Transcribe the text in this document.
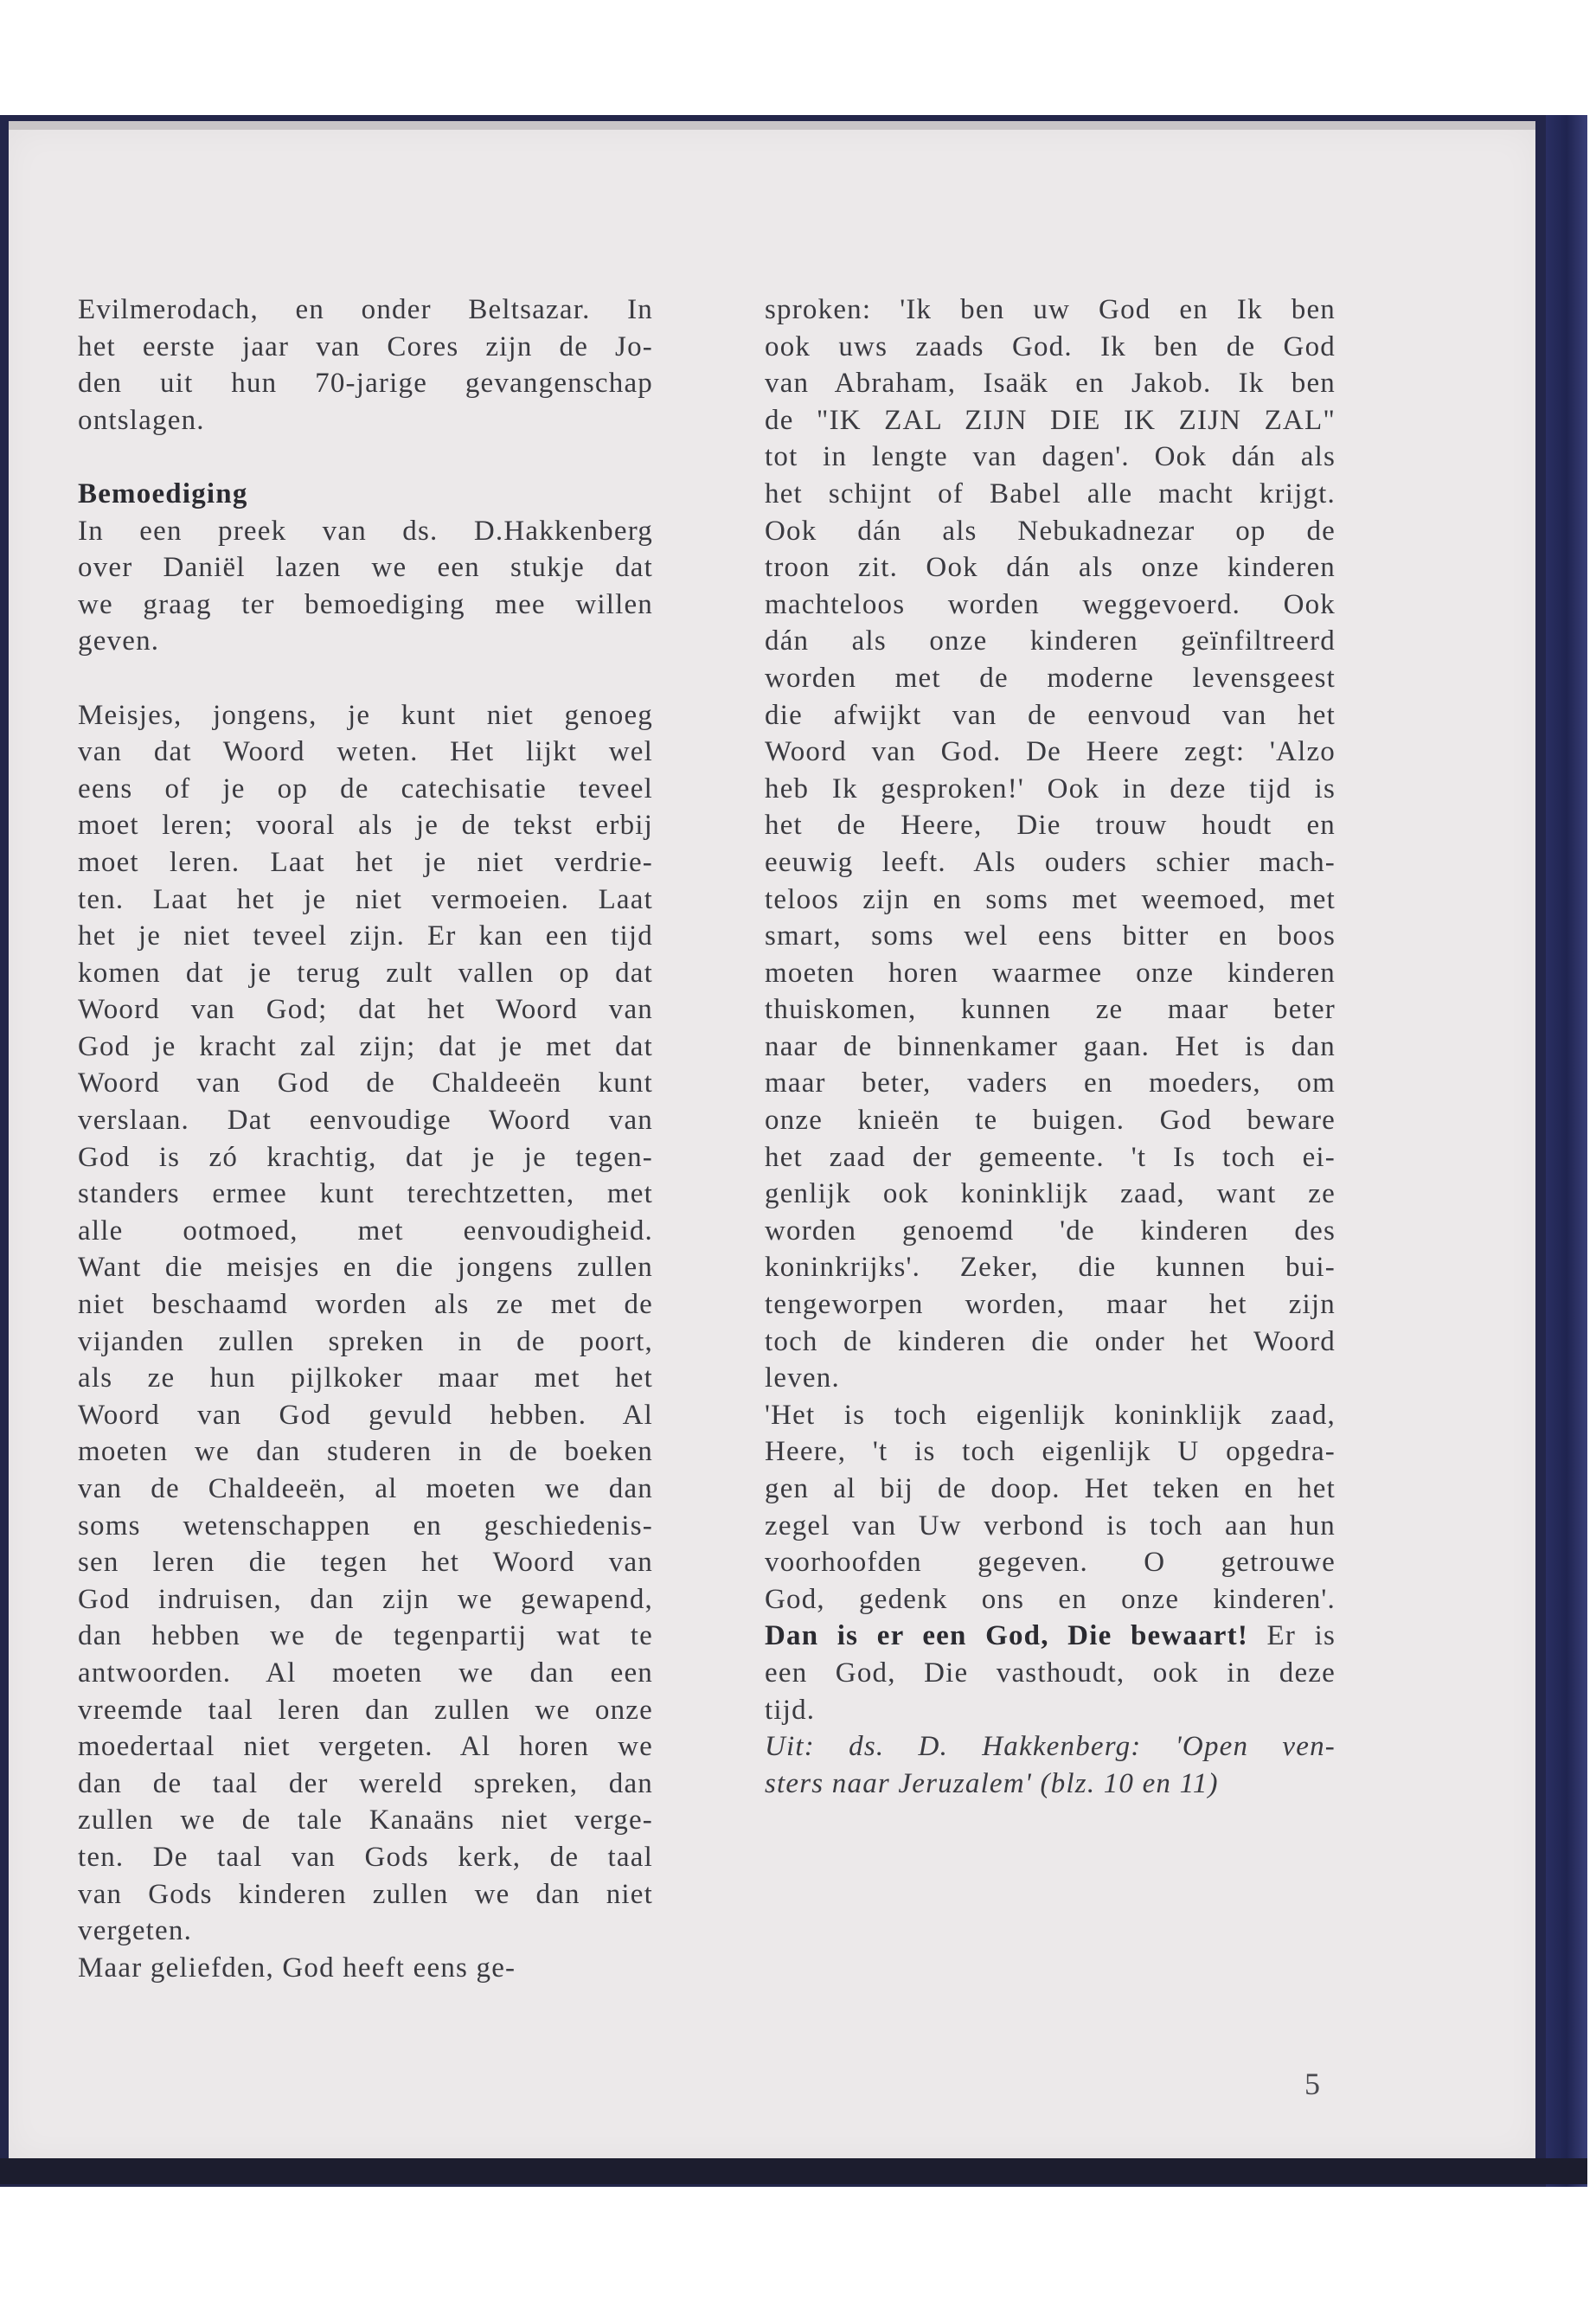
Evilmerodach, en onder Beltsazar. In
het eerste jaar van Cores zijn de Jo-
den uit hun 70-jarige gevangenschap
ontslagen.
Bemoediging
In een preek van ds. D.Hakkenberg
over Daniël lazen we een stukje dat
we graag ter bemoediging mee willen
geven.
Meisjes, jongens, je kunt niet genoeg
van dat Woord weten. Het lijkt wel
eens of je op de catechisatie teveel
moet leren; vooral als je de tekst erbij
moet leren. Laat het je niet verdrie-
ten. Laat het je niet vermoeien. Laat
het je niet teveel zijn. Er kan een tijd
komen dat je terug zult vallen op dat
Woord van God; dat het Woord van
God je kracht zal zijn; dat je met dat
Woord van God de Chaldeeën kunt
verslaan. Dat eenvoudige Woord van
God is zó krachtig, dat je je tegen-
standers ermee kunt terechtzetten, met
alle ootmoed, met eenvoudigheid.
Want die meisjes en die jongens zullen
niet beschaamd worden als ze met de
vijanden zullen spreken in de poort,
als ze hun pijlkoker maar met het
Woord van God gevuld hebben. Al
moeten we dan studeren in de boeken
van de Chaldeeën, al moeten we dan
soms wetenschappen en geschiedenis-
sen leren die tegen het Woord van
God indruisen, dan zijn we gewapend,
dan hebben we de tegenpartij wat te
antwoorden. Al moeten we dan een
vreemde taal leren dan zullen we onze
moedertaal niet vergeten. Al horen we
dan de taal der wereld spreken, dan
zullen we de tale Kanaäns niet verge-
ten. De taal van Gods kerk, de taal
van Gods kinderen zullen we dan niet
vergeten.
Maar geliefden, God heeft eens ge-
sproken: 'Ik ben uw God en Ik ben
ook uws zaads God. Ik ben de God
van Abraham, Isaäk en Jakob. Ik ben
de "IK ZAL ZIJN DIE IK ZIJN ZAL"
tot in lengte van dagen'. Ook dán als
het schijnt of Babel alle macht krijgt.
Ook dán als Nebukadnezar op de
troon zit. Ook dán als onze kinderen
machteloos worden weggevoerd. Ook
dán als onze kinderen geïnfiltreerd
worden met de moderne levensgeest
die afwijkt van de eenvoud van het
Woord van God. De Heere zegt: 'Alzo
heb Ik gesproken!' Ook in deze tijd is
het de Heere, Die trouw houdt en
eeuwig leeft. Als ouders schier mach-
teloos zijn en soms met weemoed, met
smart, soms wel eens bitter en boos
moeten horen waarmee onze kinderen
thuiskomen, kunnen ze maar beter
naar de binnenkamer gaan. Het is dan
maar beter, vaders en moeders, om
onze knieën te buigen. God beware
het zaad der gemeente. 't Is toch ei-
genlijk ook koninklijk zaad, want ze
worden genoemd 'de kinderen des
koninkrijks'. Zeker, die kunnen bui-
tengeworpen worden, maar het zijn
toch de kinderen die onder het Woord
leven.
'Het is toch eigenlijk koninklijk zaad,
Heere, 't is toch eigenlijk U opgedra-
gen al bij de doop. Het teken en het
zegel van Uw verbond is toch aan hun
voorhoofden gegeven. O getrouwe
God, gedenk ons en onze kinderen'.
Dan is er een God, Die bewaart! Er is
een God, Die vasthoudt, ook in deze
tijd.
Uit: ds. D. Hakkenberg: 'Open ven-
sters naar Jeruzalem' (blz. 10 en 11)
5
